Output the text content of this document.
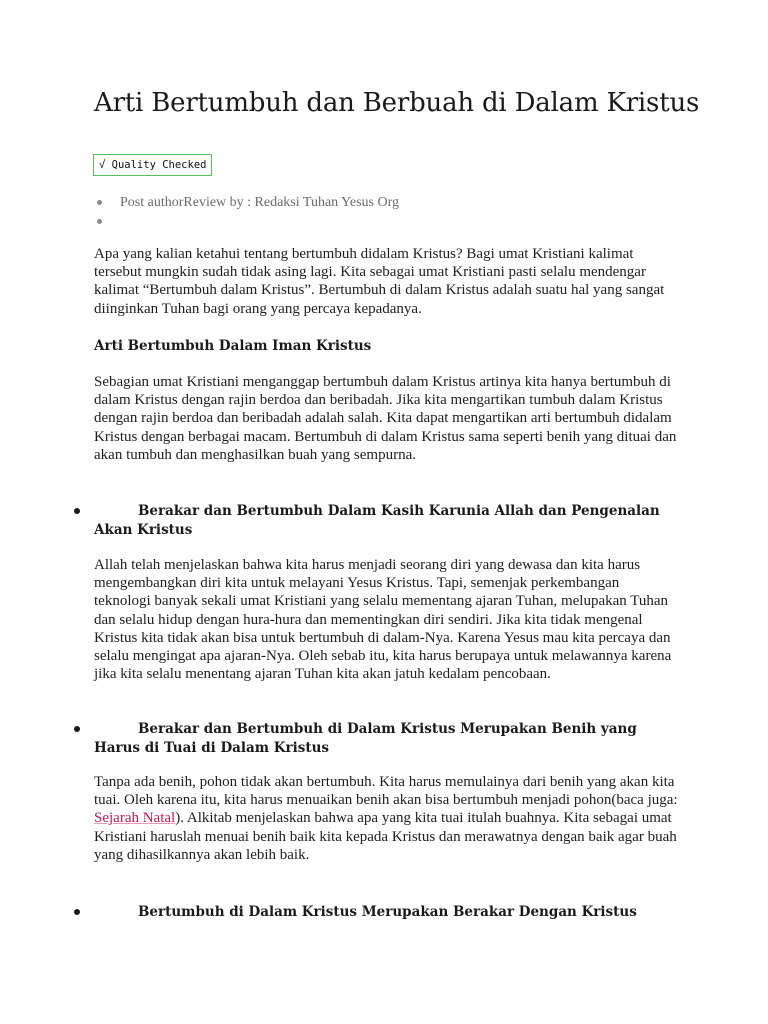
Arti Bertumbuh dan Berbuah di Dalam Kristus
√ Quality Checked
Post authorReview by : Redaksi Tuhan Yesus Org

Apa yang kalian ketahui tentang bertumbuh didalam Kristus? Bagi umat Kristiani kalimat tersebut mungkin sudah tidak asing lagi. Kita sebagai umat Kristiani pasti selalu mendengar kalimat “Bertumbuh dalam Kristus”. Bertumbuh di dalam Kristus adalah suatu hal yang sangat diinginkan Tuhan bagi orang yang percaya kepadanya.

Arti Bertumbuh Dalam Iman Kristus

Sebagian umat Kristiani menganggap bertumbuh dalam Kristus artinya kita hanya bertumbuh di dalam Kristus dengan rajin berdoa dan beribadah. Jika kita mengartikan tumbuh dalam Kristus dengan rajin berdoa dan beribadah adalah salah. Kita dapat mengartikan arti bertumbuh didalam Kristus dengan berbagai macam. Bertumbuh di dalam Kristus sama seperti benih yang dituai dan akan tumbuh dan menghasilkan buah yang sempurna.

Berakar dan Bertumbuh Dalam Kasih Karunia Allah dan Pengenalan Akan Kristus

Allah telah menjelaskan bahwa kita harus menjadi seorang diri yang dewasa dan kita harus mengembangkan diri kita untuk melayani Yesus Kristus. Tapi, semenjak perkembangan teknologi banyak sekali umat Kristiani yang selalu mementang ajaran Tuhan, melupakan Tuhan dan selalu hidup dengan hura-hura dan mementingkan diri sendiri. Jika kita tidak mengenal Kristus kita tidak akan bisa untuk bertumbuh di dalam-Nya. Karena Yesus mau kita percaya dan selalu mengingat apa ajaran-Nya. Oleh sebab itu, kita harus berupaya untuk melawannya karena jika kita selalu menentang ajaran Tuhan kita akan jatuh kedalam pencobaan.

Berakar dan Bertumbuh di Dalam Kristus Merupakan Benih yang Harus di Tuai di Dalam Kristus

Tanpa ada benih, pohon tidak akan bertumbuh. Kita harus memulainya dari benih yang akan kita tuai. Oleh karena itu, kita harus menuaikan benih akan bisa bertumbuh menjadi pohon(baca juga: Sejarah Natal). Alkitab menjelaskan bahwa apa yang kita tuai itulah buahnya. Kita sebagai umat Kristiani haruslah menuai benih baik kita kepada Kristus dan merawatnya dengan baik agar buah yang dihasilkannya akan lebih baik.

Bertumbuh di Dalam Kristus Merupakan Berakar Dengan Kristus
